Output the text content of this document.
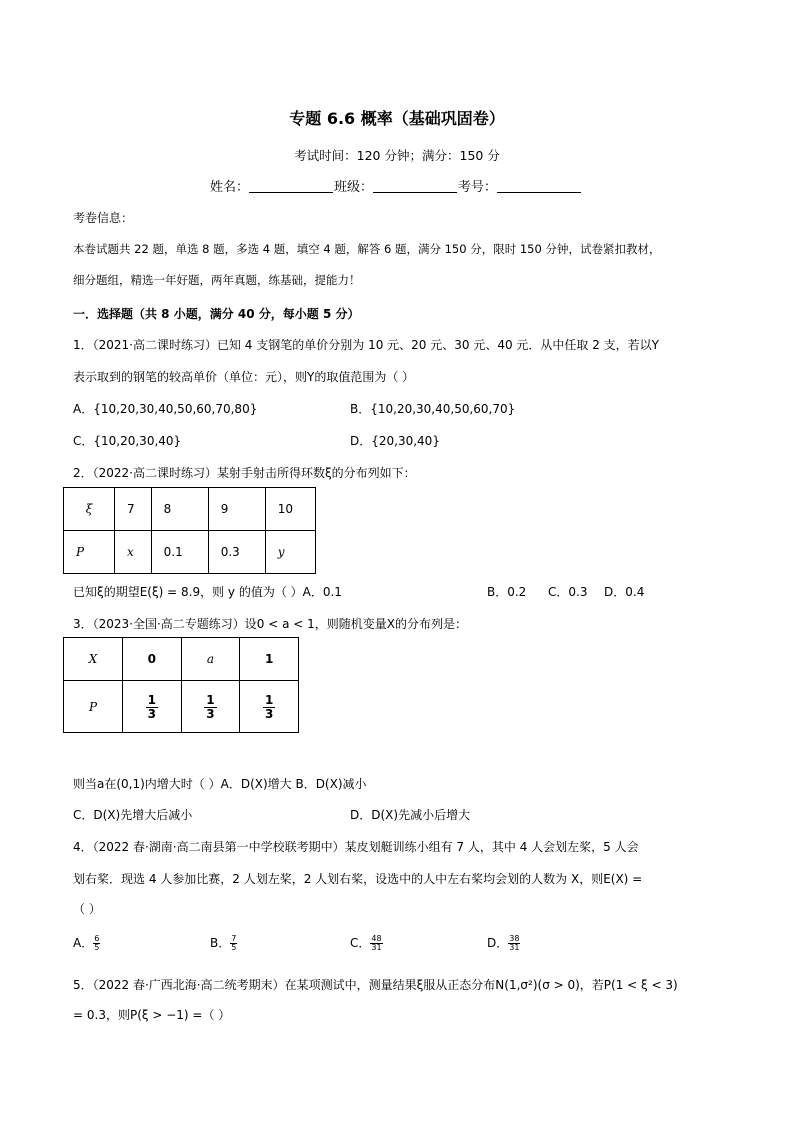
专题 6.6 概率（基础巩固卷）
考试时间：120 分钟；满分：150 分
姓名：	班级：	考号：
考卷信息：
本卷试题共 22 题，单选 8 题，多选 4 题，填空 4 题，解答 6 题，满分 150 分，限时 150 分钟，试卷紧扣教材，
细分题组，精选一年好题，两年真题，练基础，提能力！
一．选择题（共 8 小题，满分 40 分，每小题 5 分）
1．（2021·高二课时练习）已知 4 支钢笔的单价分别为 10 元、20 元、30 元、40 元．从中任取 2 支，若以Y
表示取到的钢笔的较高单价（单位：元），则Y的取值范围为（ ）
A．{10,20,30,40,50,60,70,80}	B．{10,20,30,40,50,60,70}
C．{10,20,30,40}	D．{20,30,40}
2．（2022·高二课时练习）某射手射击所得环数ξ的分布列如下：
ξ	7	8	9	10
P	x	0.1	0.3	y
已知ξ的期望E(ξ) = 8.9，则 y 的值为（ ）A．0.1	B．0.2 C．0.3 D．0.4
3．（2023·全国·高二专题练习）设0 < a < 1，则随机变量X的分布列是：
X	0	a	1
P	$\frac{1}{3}$	$\frac{1}{3}$	$\frac{1}{3}$
则当a在(0,1)内增大时（ ）A．D(X)增大 B．D(X)减小
C．D(X)先增大后减小	D．D(X)先减小后增大
4．（2022 春·湖南·高二南县第一中学校联考期中）某皮划艇训练小组有 7 人，其中 4 人会划左桨，5 人会
划右桨．现选 4 人参加比赛，2 人划左桨，2 人划右桨，设选中的人中左右桨均会划的人数为 X，则E(X) =
（ ）
A． $\frac{6}{5}$	B． $\frac{7}{5}$	C． $\frac{48}{31}$	D． $\frac{38}{31}$
5．（2022 春·广西北海·高二统考期末）在某项测试中，测量结果ξ服从正态分布N(1,σ²)(σ > 0)，若P(1 < ξ < 3)
= 0.3，则P(ξ > −1) =（ ）
